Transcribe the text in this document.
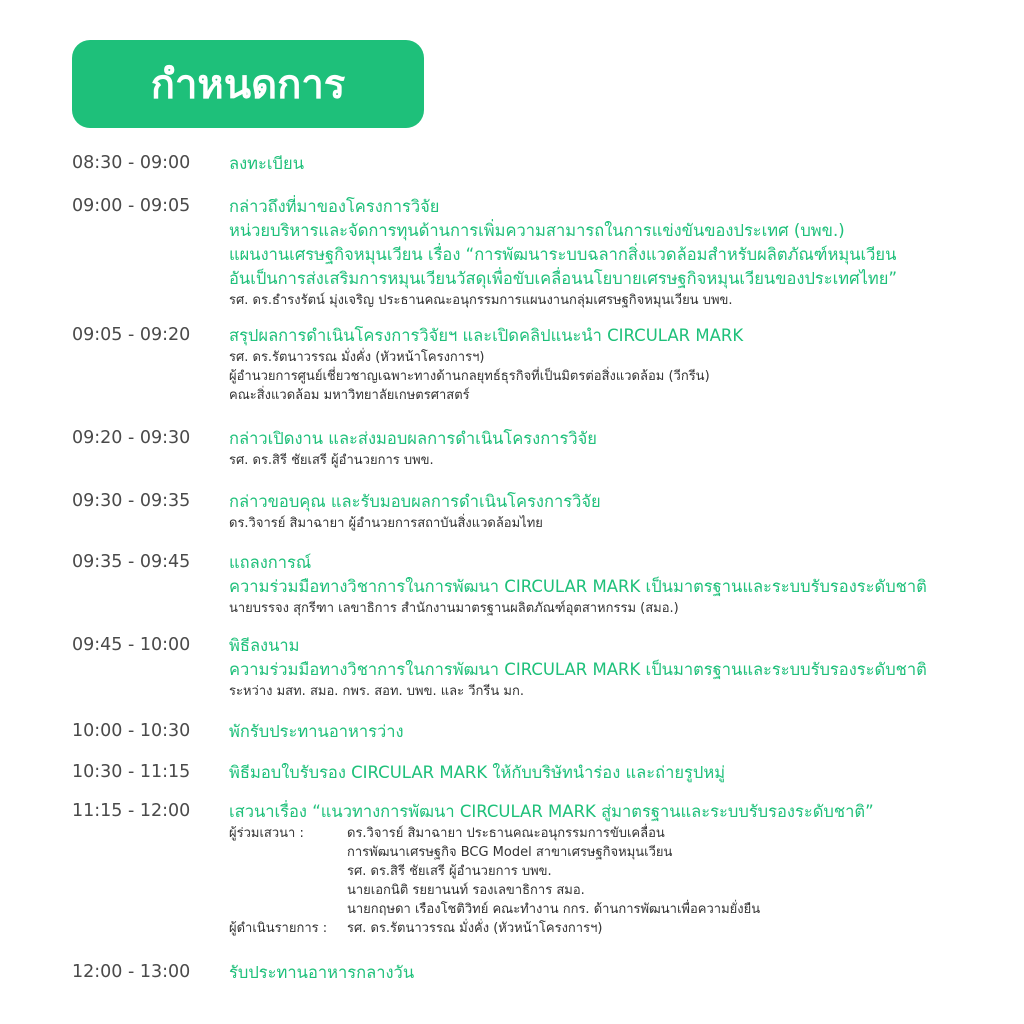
กำหนดการ
08:30 - 09:00 ลงทะเบียน
09:00 - 09:05 กล่าวถึงที่มาของโครงการวิจัย
หน่วยบริหารและจัดการทุนด้านการเพิ่มความสามารถในการแข่งขันของประเทศ (บพข.)
แผนงานเศรษฐกิจหมุนเวียน เรื่อง “การพัฒนาระบบฉลากสิ่งแวดล้อมสำหรับผลิตภัณฑ์หมุนเวียน
อันเป็นการส่งเสริมการหมุนเวียนวัสดุเพื่อขับเคลื่อนนโยบายเศรษฐกิจหมุนเวียนของประเทศไทย”
รศ. ดร.ธำรงรัตน์ มุ่งเจริญ ประธานคณะอนุกรรมการแผนงานกลุ่มเศรษฐกิจหมุนเวียน บพข.
09:05 - 09:20 สรุปผลการดำเนินโครงการวิจัยฯ และเปิดคลิปแนะนำ CIRCULAR MARK
รศ. ดร.รัตนาวรรณ มั่งคั่ง (หัวหน้าโครงการฯ)
ผู้อำนวยการศูนย์เชี่ยวชาญเฉพาะทางด้านกลยุทธ์ธุรกิจที่เป็นมิตรต่อสิ่งแวดล้อม (วีกรีน)
คณะสิ่งแวดล้อม มหาวิทยาลัยเกษตรศาสตร์
09:20 - 09:30 กล่าวเปิดงาน และส่งมอบผลการดำเนินโครงการวิจัย
รศ. ดร.สิรี ชัยเสรี ผู้อำนวยการ บพข.
09:30 - 09:35 กล่าวขอบคุณ และรับมอบผลการดำเนินโครงการวิจัย
ดร.วิจารย์ สิมาฉายา ผู้อำนวยการสถาบันสิ่งแวดล้อมไทย
09:35 - 09:45 แถลงการณ์
ความร่วมมือทางวิชาการในการพัฒนา CIRCULAR MARK เป็นมาตรฐานและระบบรับรองระดับชาติ
นายบรรจง สุกรีฑา เลขาธิการ สำนักงานมาตรฐานผลิตภัณฑ์อุตสาหกรรม (สมอ.)
09:45 - 10:00 พิธีลงนาม
ความร่วมมือทางวิชาการในการพัฒนา CIRCULAR MARK เป็นมาตรฐานและระบบรับรองระดับชาติ
ระหว่าง มสท. สมอ. กพร. สอท. บพข. และ วีกรีน มก.
10:00 - 10:30 พักรับประทานอาหารว่าง
10:30 - 11:15 พิธีมอบใบรับรอง CIRCULAR MARK ให้กับบริษัทนำร่อง และถ่ายรูปหมู่
11:15 - 12:00 เสวนาเรื่อง “แนวทางการพัฒนา CIRCULAR MARK สู่มาตรฐานและระบบรับรองระดับชาติ”
ผู้ร่วมเสวนา :	ดร.วิจารย์ สิมาฉายา ประธานคณะอนุกรรมการขับเคลื่อน
การพัฒนาเศรษฐกิจ BCG Model สาขาเศรษฐกิจหมุนเวียน
รศ. ดร.สิรี ชัยเสรี ผู้อำนวยการ บพข.
นายเอกนิติ รยยานนท์ รองเลขาธิการ สมอ.
นายกฤษดา เรืองโชติวิทย์ คณะทำงาน กกร. ด้านการพัฒนาเพื่อความยั่งยืน
ผู้ดำเนินรายการ :	รศ. ดร.รัตนาวรรณ มั่งคั่ง (หัวหน้าโครงการฯ)
12:00 - 13:00 รับประทานอาหารกลางวัน
